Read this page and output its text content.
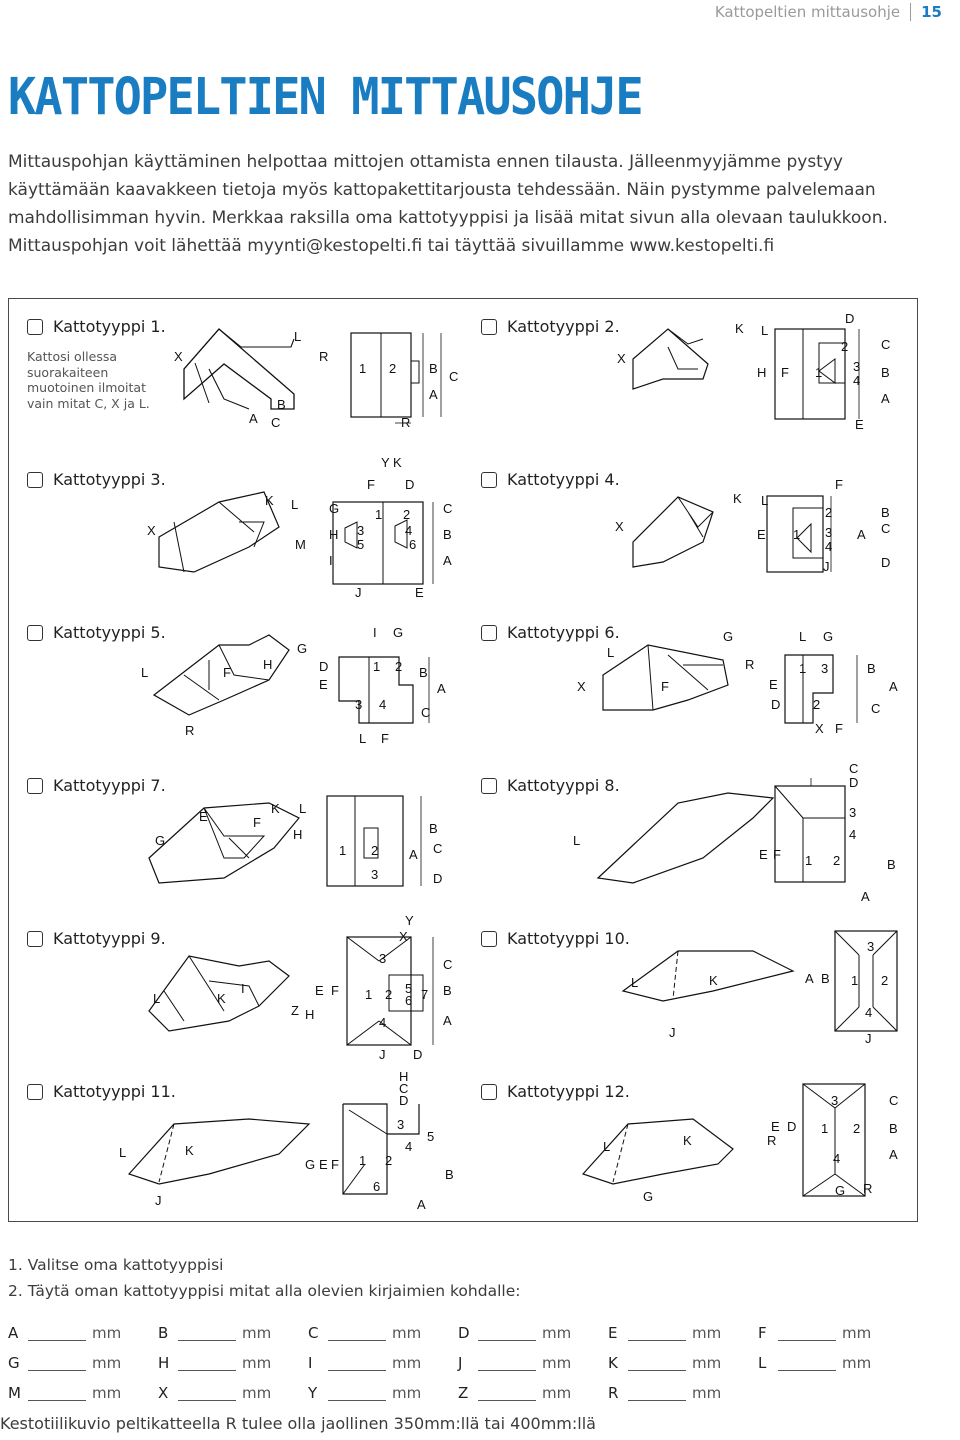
Kattopeltien mittausohje 15
KATTOPELTIEN MITTAUSOHJE

Mittauspohjan käyttäminen helpottaa mittojen ottamista ennen tilausta. Jälleenmyyjämme pystyy

käyttämään kaavakkeen tietoja myös kattopakettitarjousta tehdessään. Näin pystymme palvelemaan

mahdollisimman hyvin. Merkkaa raksilla oma kattotyyppisi ja lisää mitat sivun alla olevaan taulukkoon.

Mittauspohjan voit lähettää myynti@kestopelti.fi tai täyttää sivuillamme www.kestopelti.fi

X
L
R
A
B
C
1 2	B
C
A
R
Kattotyyppi 1.
Kattosi ollessa suorakaiteen muotoinen ilmoitat vain mitat C, X ja L.
X
K L
H F 1
D
2
3
4
C
B
A
E
Kattotyyppi 2.
X
K L
M
Y K
F D
G	1 2	C
H 3	4
5	6
B
I	A
J	E
Kattotyyppi 3.
X
K L
F
2	B
E 1 3
4
A C
J	D
Kattotyyppi 4.
L	F
H
G
R
I G
D	1 2 B
E	A
3 4
C
L F
Kattotyyppi 5.
L
G
X	F
R
L G
1 3	B
E	A
D	2	C
X F
Kattotyyppi 6.
G
E	F
K L
H
1 2
3
B
A C
D
Kattotyyppi 7.
L
C
D
3
4
E F 1 2	B
A
Kattotyyppi 8.
L	K
I
Z H
Y
X
3	C
E F 1 2 5
6 7 B
4	A
J D
Kattotyyppi 9.
L	K
J
3
A B 1 2
4
J
Kattotyyppi 10.
L	K
J
H
C
D
3
4
5
G E F 1 2
B
6
A
Kattotyyppi 11.
L	K
G
3	C
E D
R
1 2 B
4	A
G R
Kattotyyppi 12.
1. Valitse oma kattotyyppisi
2. Täytä oman kattotyyppisi mitat alla olevien kirjaimien kohdalle:
A	mm B	mm C	mm D	mm E	mm F	mm
G	mm H	mm I	mm J	mm K	mm L	mm
M	mm X	mm Y	mm Z	mm R	mm
Kestotiilikuvio peltikatteella R tulee olla jaollinen 350mm:llä tai 400mm:llä
